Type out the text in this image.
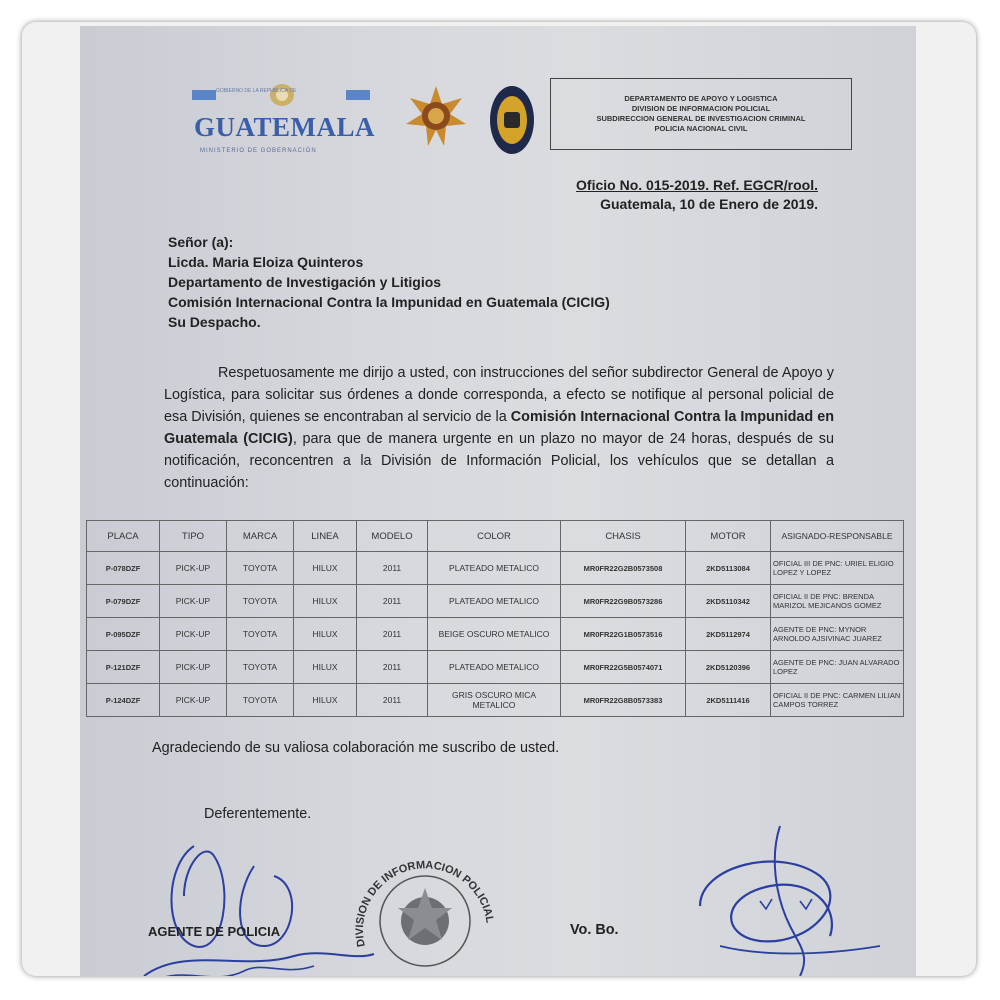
GOBIERNO DE LA REPUBLICA DE
GUATEMALA
MINISTERIO DE GOBERNACIÓN
DEPARTAMENTO DE APOYO Y LOGISTICA
DIVISION DE INFORMACION POLICIAL
SUBDIRECCION GENERAL DE INVESTIGACION CRIMINAL
POLICIA NACIONAL CIVIL
Oficio No. 015-2019. Ref. EGCR/rool.
Guatemala, 10 de Enero de 2019.
Señor (a):
Licda. Maria Eloiza Quinteros
Departamento de Investigación y Litigios
Comisión Internacional Contra la Impunidad en Guatemala (CICIG)
Su Despacho.
Respetuosamente me dirijo a usted, con instrucciones del señor subdirector General de Apoyo y Logística, para solicitar sus órdenes a donde corresponda, a efecto se notifique al personal policial de esa División, quienes se encontraban al servicio de la Comisión Internacional Contra la Impunidad en Guatemala (CICIG), para que de manera urgente en un plazo no mayor de 24 horas, después de su notificación, reconcentren a la División de Información Policial, los vehículos que se detallan a continuación:
PLACA	TIPO	MARCA	LINEA	MODELO	COLOR	CHASIS	MOTOR	ASIGNADO-RESPONSABLE
P-078DZF	PICK-UP	TOYOTA	HILUX	2011	PLATEADO METALICO	MR0FR22G2B0573508	2KD5113084	OFICIAL III DE PNC: URIEL ELIGIO LOPEZ Y LOPEZ
P-079DZF	PICK-UP	TOYOTA	HILUX	2011	PLATEADO METALICO	MR0FR22G9B0573286	2KD5110342	OFICIAL II DE PNC: BRENDA MARIZOL MEJICANOS GOMEZ
P-095DZF	PICK-UP	TOYOTA	HILUX	2011	BEIGE OSCURO METALICO	MR0FR22G1B0573516	2KD5112974	AGENTE DE PNC: MYNOR ARNOLDO AJSIVINAC JUAREZ
P-121DZF	PICK-UP	TOYOTA	HILUX	2011	PLATEADO METALICO	MR0FR22G5B0574071	2KD5120396	AGENTE DE PNC: JUAN ALVARADO LOPEZ
P-124DZF	PICK-UP	TOYOTA	HILUX	2011	GRIS OSCURO MICA METALICO	MR0FR22G8B0573383	2KD5111416	OFICIAL II DE PNC: CARMEN LILIAN CAMPOS TORREZ
Agradeciendo de su valiosa colaboración me suscribo de usted.
Deferentemente.
DIVISION DE INFORMACION POLICIAL
AGENTE DE POLICIA	Vo. Bo.
